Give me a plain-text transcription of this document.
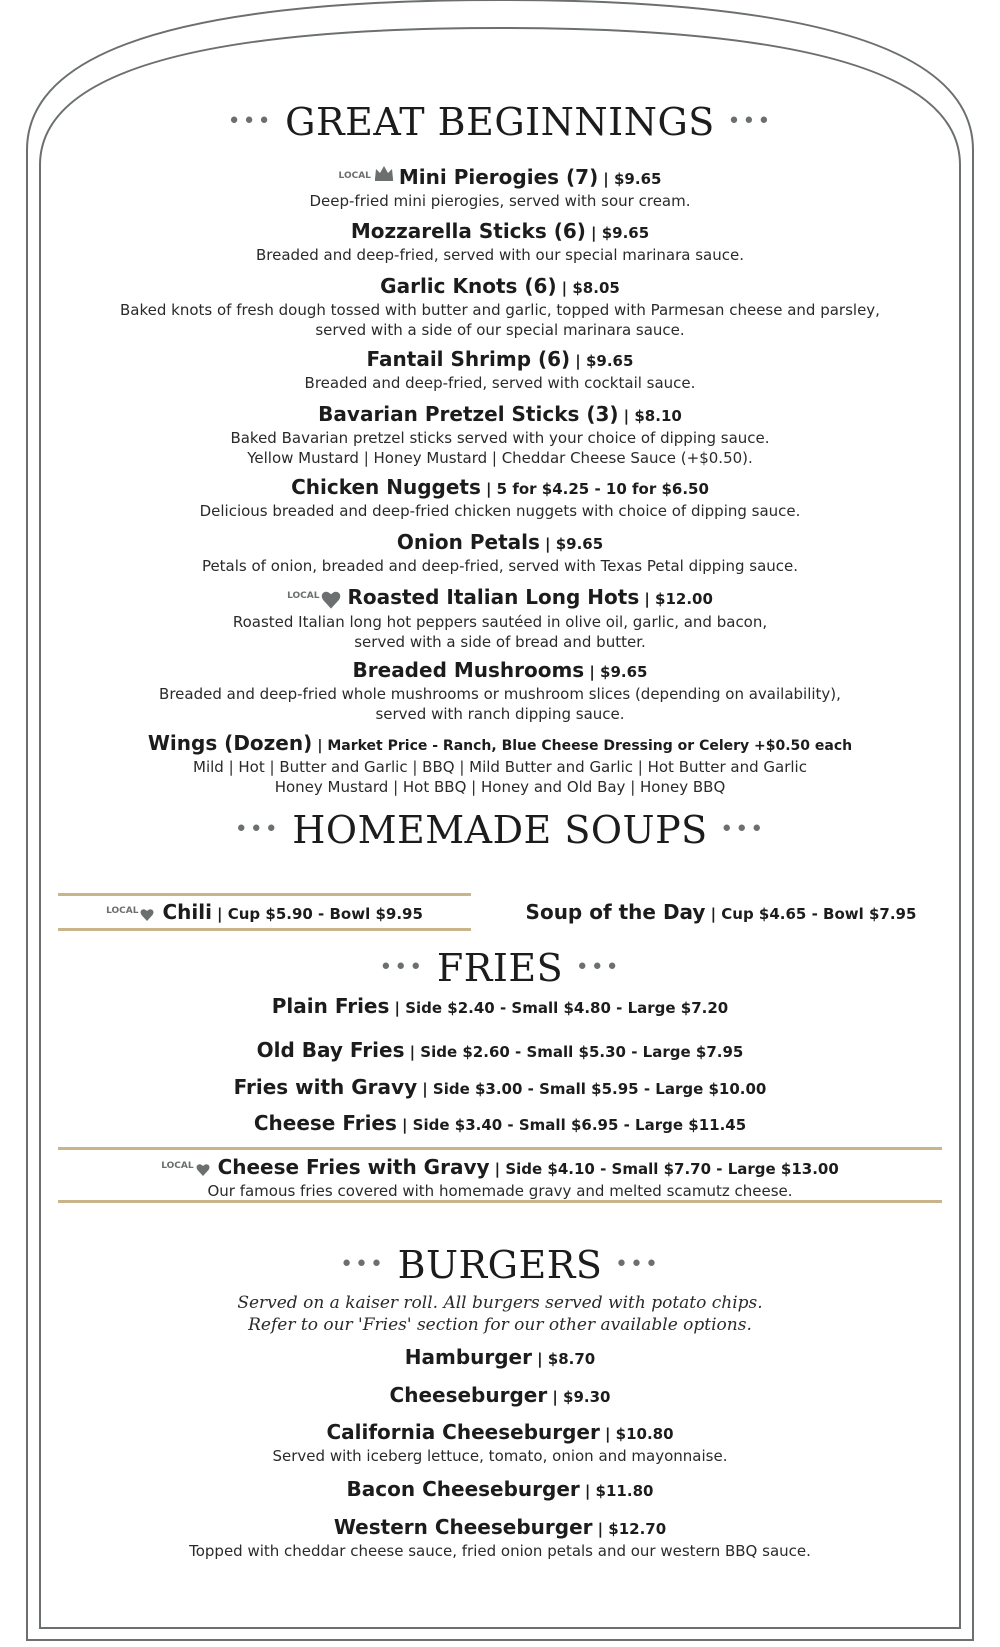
••• GREAT BEGINNINGS •••
$^{LOCAL}$ Mini Pierogies (7) | $9.65
Deep-fried mini pierogies, served with sour cream.
Mozzarella Sticks (6) | $9.65
Breaded and deep-fried, served with our special marinara sauce.
Garlic Knots (6) | $8.05
Baked knots of fresh dough tossed with butter and garlic, topped with Parmesan cheese and parsley,
served with a side of our special marinara sauce.
Fantail Shrimp (6) | $9.65
Breaded and deep-fried, served with cocktail sauce.
Bavarian Pretzel Sticks (3) | $8.10
Baked Bavarian pretzel sticks served with your choice of dipping sauce.
Yellow Mustard | Honey Mustard | Cheddar Cheese Sauce (+$0.50).
Chicken Nuggets | 5 for $4.25 - 10 for $6.50
Delicious breaded and deep-fried chicken nuggets with choice of dipping sauce.
Onion Petals | $9.65
Petals of onion, breaded and deep-fried, served with Texas Petal dipping sauce.
$^{LOCAL}$ Roasted Italian Long Hots | $12.00
Roasted Italian long hot peppers sautéed in olive oil, garlic, and bacon,
served with a side of bread and butter.
Breaded Mushrooms | $9.65
Breaded and deep-fried whole mushrooms or mushroom slices (depending on availability),
served with ranch dipping sauce.
Wings (Dozen) | Market Price - Ranch, Blue Cheese Dressing or Celery +$0.50 each
Mild | Hot | Butter and Garlic | BBQ | Mild Butter and Garlic | Hot Butter and Garlic
Honey Mustard | Hot BBQ | Honey and Old Bay | Honey BBQ
••• HOMEMADE SOUPS •••
$^{LOCAL}$ Chili | Cup $5.90 - Bowl $9.95	Soup of the Day | Cup $4.65 - Bowl $7.95
••• FRIES •••
Plain Fries | Side $2.40 - Small $4.80 - Large $7.20
Old Bay Fries | Side $2.60 - Small $5.30 - Large $7.95
Fries with Gravy | Side $3.00 - Small $5.95 - Large $10.00
Cheese Fries | Side $3.40 - Small $6.95 - Large $11.45
$^{LOCAL}$ Cheese Fries with Gravy | Side $4.10 - Small $7.70 - Large $13.00
Our famous fries covered with homemade gravy and melted scamutz cheese.
••• BURGERS •••
Served on a kaiser roll. All burgers served with potato chips.
Refer to our 'Fries' section for our other available options.
Hamburger | $8.70
Cheeseburger | $9.30
California Cheeseburger | $10.80
Served with iceberg lettuce, tomato, onion and mayonnaise.
Bacon Cheeseburger | $11.80
Western Cheeseburger | $12.70
Topped with cheddar cheese sauce, fried onion petals and our western BBQ sauce.
